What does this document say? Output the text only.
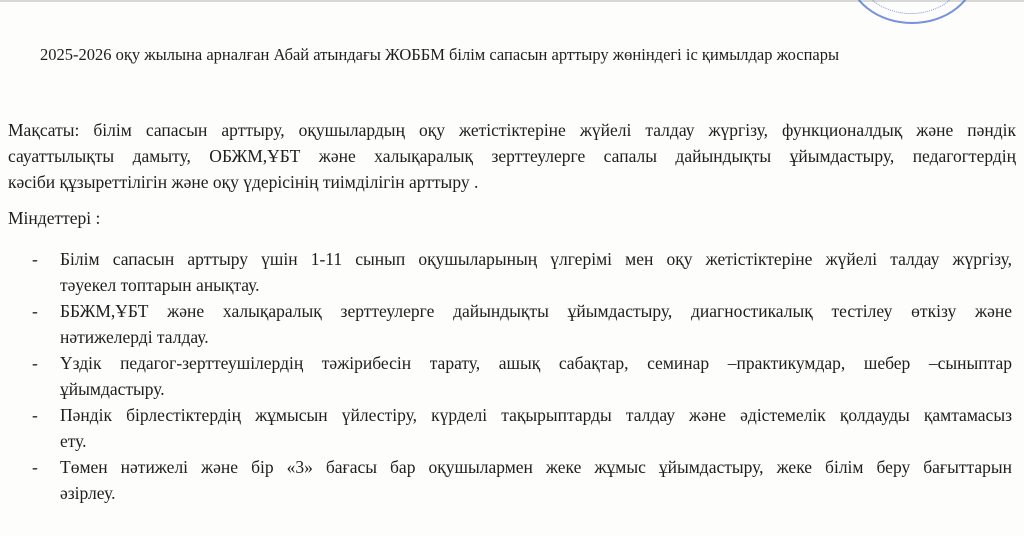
2025-2026 оқу жылына арналған Абай атындағы ЖОББМ білім сапасын арттыру жөніндегі іс қимылдар жоспары
Мақсаты: білім сапасын арттыру, оқушылардың оқу жетістіктеріне жүйелі талдау жүргізу, функционалдық және пәндік
сауаттылықты дамыту, ОБЖМ,ҰБТ және халықаралық зерттеулерге сапалы дайындықты ұйымдастыру, педагогтердің
кәсіби құзыреттілігін және оқу үдерісінің тиімділігін арттыру .
Міндеттері :
- Білім сапасын арттыру үшін 1-11 сынып оқушыларының үлгерімі мен оқу жетістіктеріне жүйелі талдау жүргізу,
тәуекел топтарын анықтау.
- ББЖМ,ҰБТ және халықаралық зерттеулерге дайындықты ұйымдастыру, диагностикалық тестілеу өткізу және
нәтижелерді талдау.
- Үздік педагог-зерттеушілердің тәжірибесін тарату, ашық сабақтар, семинар –практикумдар, шебер –сыныптар
ұйымдастыру.
- Пәндік бірлестіктердің жұмысын үйлестіру, күрделі тақырыптарды талдау және әдістемелік қолдауды қамтамасыз
ету.
- Төмен нәтижелі және бір «3» бағасы бар оқушылармен жеке жұмыс ұйымдастыру, жеке білім беру бағыттарын
әзірлеу.
